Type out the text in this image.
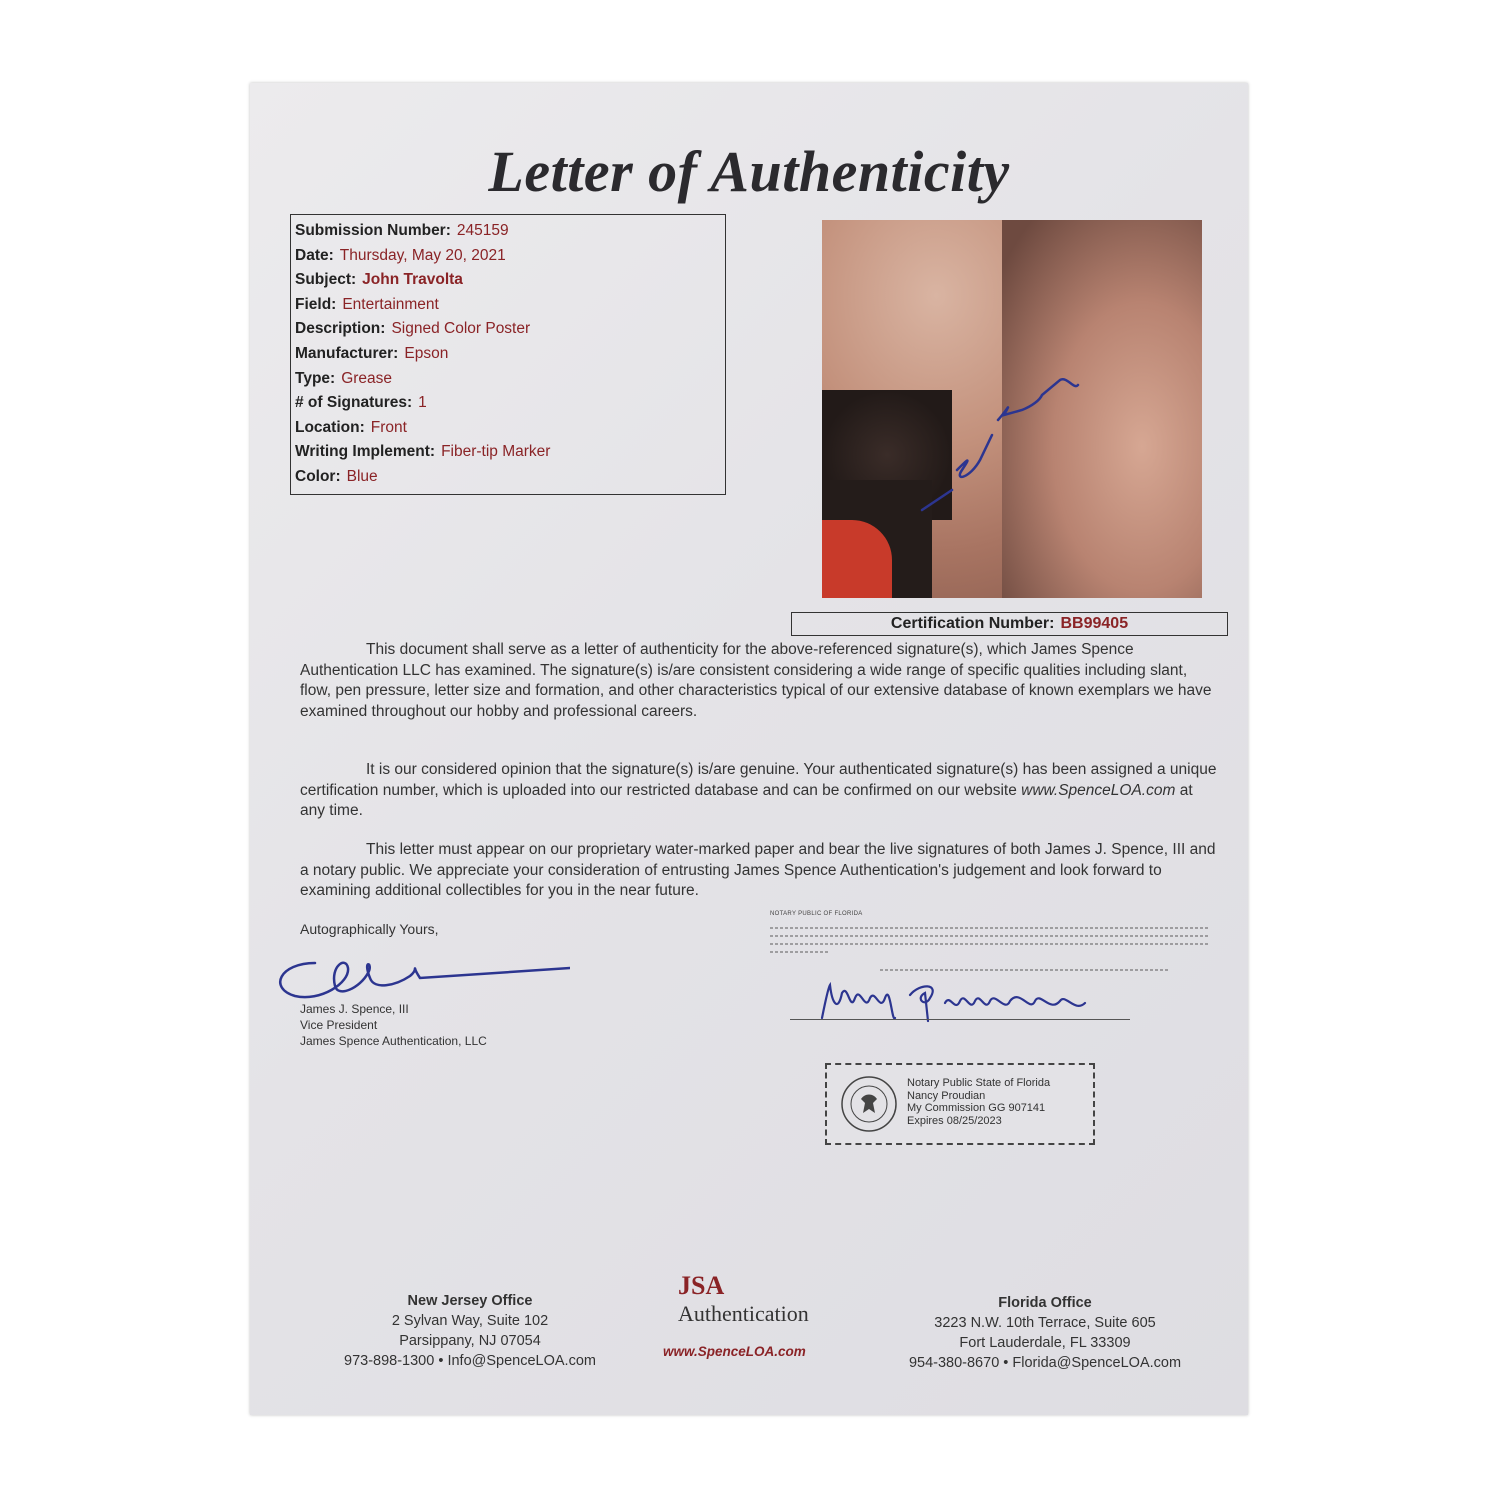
Letter of Authenticity
Submission Number: 245159
Date: Thursday, May 20, 2021
Subject: John Travolta
Field: Entertainment
Description: Signed Color Poster
Manufacturer: Epson
Type: Grease
# of Signatures: 1
Location: Front
Writing Implement: Fiber-tip Marker
Color: Blue
Certification Number: BB99405
This document shall serve as a letter of authenticity for the above-referenced signature(s), which James Spence Authentication LLC has examined. The signature(s) is/are consistent considering a wide range of specific qualities including slant, flow, pen pressure, letter size and formation, and other characteristics typical of our extensive database of known exemplars we have examined throughout our hobby and professional careers.
It is our considered opinion that the signature(s) is/are genuine. Your authenticated signature(s) has been assigned a unique certification number, which is uploaded into our restricted database and can be confirmed on our website www.SpenceLOA.com at any time.
This letter must appear on our proprietary water-marked paper and bear the live signatures of both James J. Spence, III and a notary public. We appreciate your consideration of entrusting James Spence Authentication's judgement and look forward to examining additional collectibles for you in the near future.
Autographically Yours,
James J. Spence, III
Vice President
James Spence Authentication, LLC
NOTARY PUBLIC OF FLORIDA
Notary Public State of Florida
Nancy Proudian
My Commission GG 907141
Expires 08/25/2023
New Jersey Office
2 Sylvan Way, Suite 102
Parsippany, NJ 07054
973-898-1300 • Info@SpenceLOA.com
JSA
Authentication
www.SpenceLOA.com
Florida Office
3223 N.W. 10th Terrace, Suite 605
Fort Lauderdale, FL 33309
954-380-8670 • Florida@SpenceLOA.com
